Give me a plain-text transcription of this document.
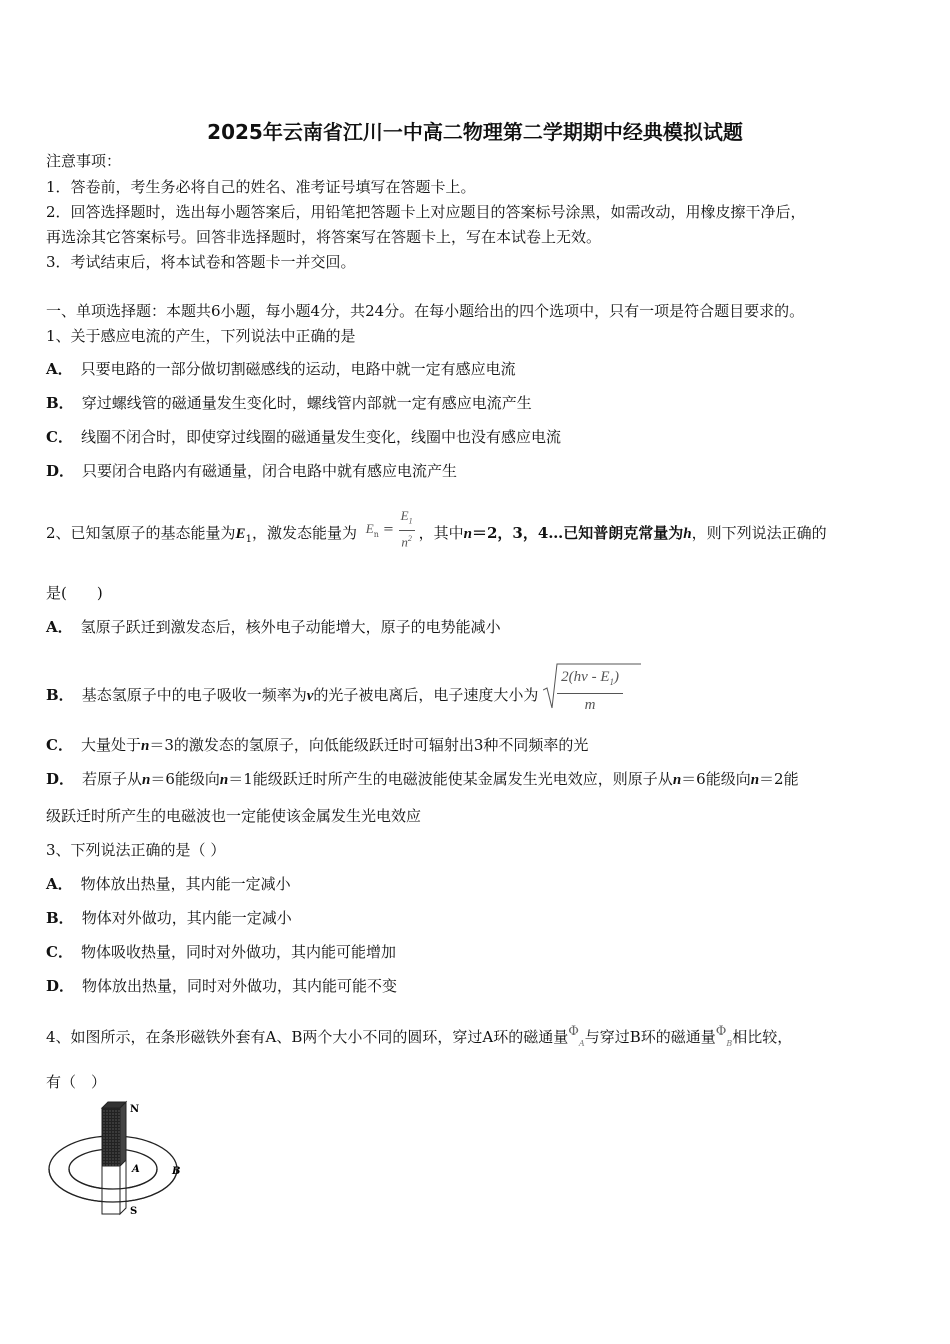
2025年云南省江川一中高二物理第二学期期中经典模拟试题
注意事项：
1．答卷前，考生务必将自己的姓名、准考证号填写在答题卡上。
2．回答选择题时，选出每小题答案后，用铅笔把答题卡上对应题目的答案标号涂黑，如需改动，用橡皮擦干净后，
再选涂其它答案标号。回答非选择题时，将答案写在答题卡上，写在本试卷上无效。
3．考试结束后，将本试卷和答题卡一并交回。
一、单项选择题：本题共6小题，每小题4分，共24分。在每小题给出的四个选项中，只有一项是符合题目要求的。
1、关于感应电流的产生，下列说法中正确的是
A． 只要电路的一部分做切割磁感线的运动，电路中就一定有感应电流
B． 穿过螺线管的磁通量发生变化时，螺线管内部就一定有感应电流产生
C． 线圈不闭合时，即使穿过线圈的磁通量发生变化，线圈中也没有感应电流
D． 只要闭合电路内有磁通量，闭合电路中就有感应电流产生
2、已知氢原子的基态能量为$E_1$，激发态能量为 $E_n = \frac{E_1}{n^2}$ ，其中n＝2，3，4…已知普朗克常量为h，则下列说法正确的
是(　　)
A． 氢原子跃迁到激发态后，核外电子动能增大，原子的电势能减小
B． 基态氢原子中的电子吸收一频率为ν的光子被电离后，电子速度大小为 $\frac{2(h\nu - E_1)}{m}$
C． 大量处于n＝3的激发态的氢原子，向低能级跃迁时可辐射出3种不同频率的光
D． 若原子从n＝6能级向n＝1能级跃迁时所产生的电磁波能使某金属发生光电效应，则原子从n＝6能级向n＝2能
级跃迁时所产生的电磁波也一定能使该金属发生光电效应
3、下列说法正确的是（ ）
A． 物体放出热量，其内能一定减小
B． 物体对外做功，其内能一定减小
C． 物体吸收热量，同时对外做功，其内能可能增加
D． 物体放出热量，同时对外做功，其内能可能不变
4、如图所示，在条形磁铁外套有A、B两个大小不同的圆环，穿过A环的磁通量$\Phi_A$与穿过B环的磁通量$\Phi_B$相比较，
有（　）
N
S
A	B
